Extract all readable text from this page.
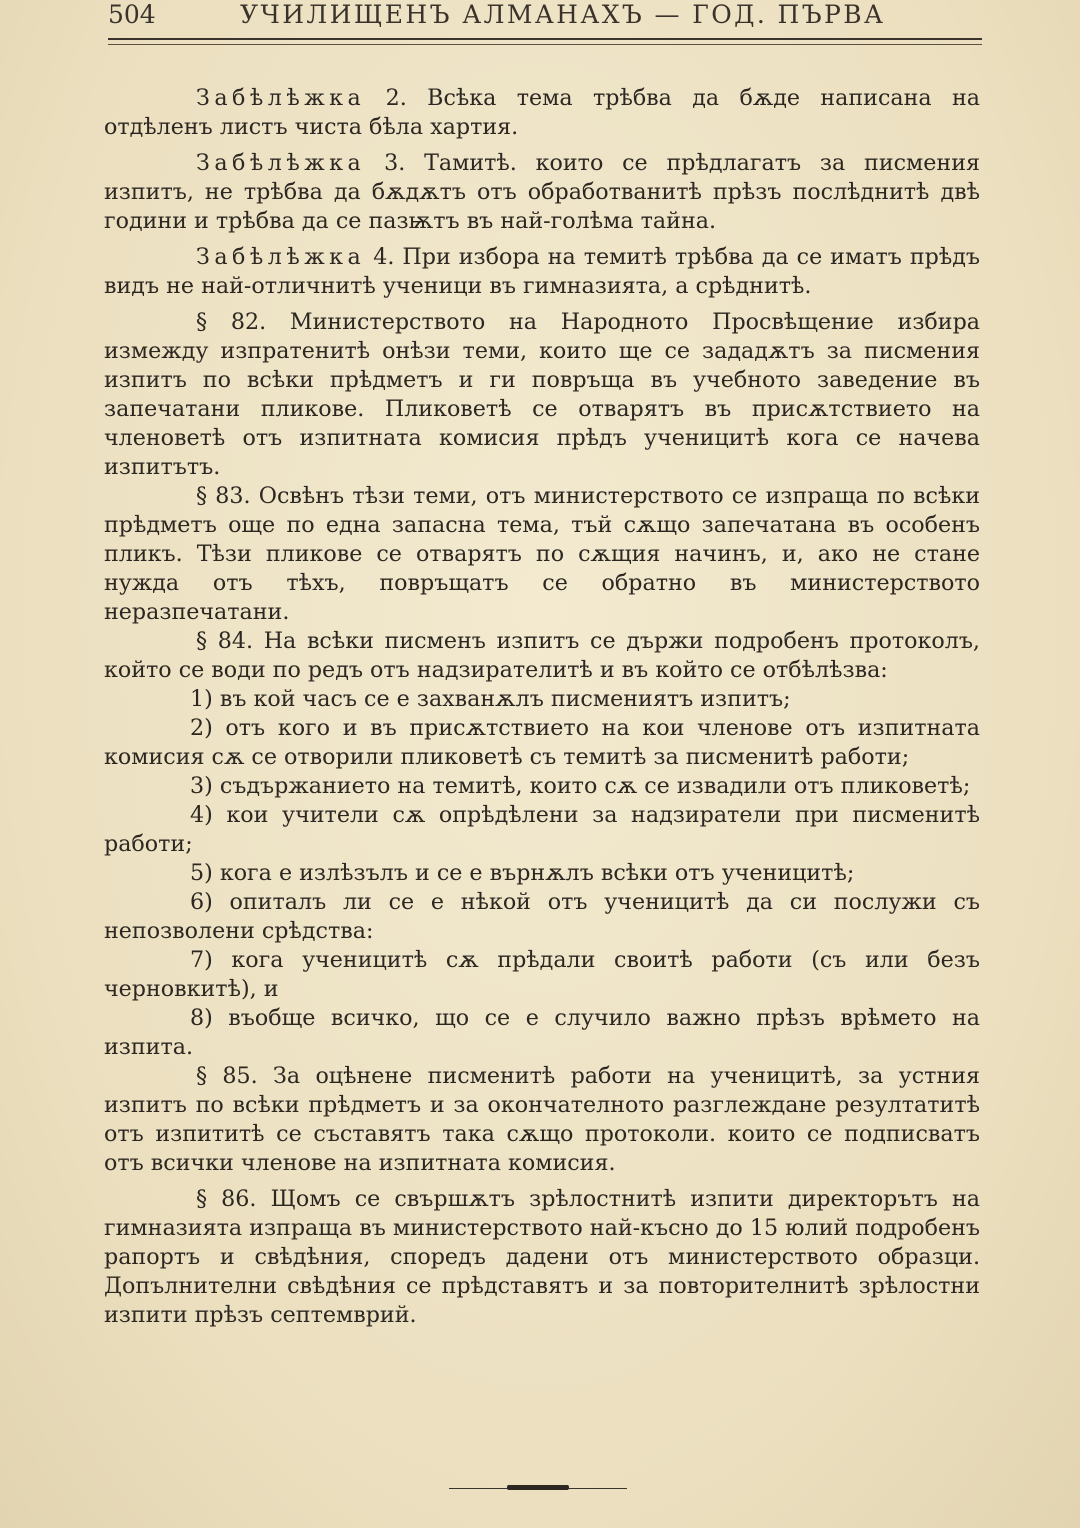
504	УЧИЛИЩЕНЪ АЛМАНАХЪ — ГОД. ПЪРВА

Забѣлѣжка 2. Всѣка тема трѣбва да бѫде написана на отдѣленъ листъ чиста бѣла хартия.

Забѣлѣжка 3. Тамитѣ. които се прѣдлагатъ за писмения изпитъ, не трѣбва да бѫдѫтъ отъ обработванитѣ прѣзъ послѣднитѣ двѣ години и трѣбва да се пазѭтъ въ най-голѣма тайна.

Забѣлѣжка 4. При избора на темитѣ трѣбва да се иматъ прѣдъ видъ не най-отличнитѣ ученици въ гимназията, а срѣднитѣ.

§ 82. Министерството на Народното Просвѣщение избира измежду изпратенитѣ онѣзи теми, които ще се зададѫтъ за писмения изпитъ по всѣки прѣдметъ и ги повръща въ учебното заведение въ запечатани пликове. Пликоветѣ се отварятъ въ присѫтствието на членоветѣ отъ изпитната комисия прѣдъ ученицитѣ кога се начева изпитътъ.

§ 83. Освѣнъ тѣзи теми, отъ министерството се изпраща по всѣки прѣдметъ още по една запасна тема, тъй сѫщо запечатана въ особенъ пликъ. Тѣзи пликове се отварятъ по сѫщия начинъ, и, ако не стане нужда отъ тѣхъ, повръщатъ се обратно въ министерството неразпечатани.

§ 84. На всѣки писменъ изпитъ се държи подробенъ протоколъ, който се води по редъ отъ надзирателитѣ и въ който се отбѣлѣзва:

1) въ кой часъ се е захванѫлъ писмениятъ изпитъ;

2) отъ кого и въ присѫтствието на кои членове отъ изпитната комисия сѫ се отворили пликоветѣ съ темитѣ за писменитѣ работи;

3) съдържанието на темитѣ, които сѫ се извадили отъ пликоветѣ;

4) кои учители сѫ опрѣдѣлени за надзиратели при писменитѣ работи;

5) кога е излѣзълъ и се е върнѫлъ всѣки отъ ученицитѣ;

6) опиталъ ли се е нѣкой отъ ученицитѣ да си послужи съ непозволени срѣдства:

7) кога ученицитѣ сѫ прѣдали своитѣ работи (съ или безъ черновкитѣ), и

8) въобще всичко, що се е случило важно прѣзъ врѣмето на изпита.

§ 85. За оцѣнене писменитѣ работи на ученицитѣ, за устния изпитъ по всѣки прѣдметъ и за окончателното разглеждане резултатитѣ отъ изпититѣ се съставятъ така сѫщо протоколи. които се подписватъ отъ всички членове на изпитната комисия.

§ 86. Щомъ се свършѫтъ зрѣлостнитѣ изпити директорътъ на гимназията изпраща въ министерството най-късно до 15 юлий подробенъ рапортъ и свѣдѣния, споредъ дадени отъ министерството образци. Допълнителни свѣдѣния се прѣдставятъ и за повторителнитѣ зрѣлостни изпити прѣзъ септемврий.
